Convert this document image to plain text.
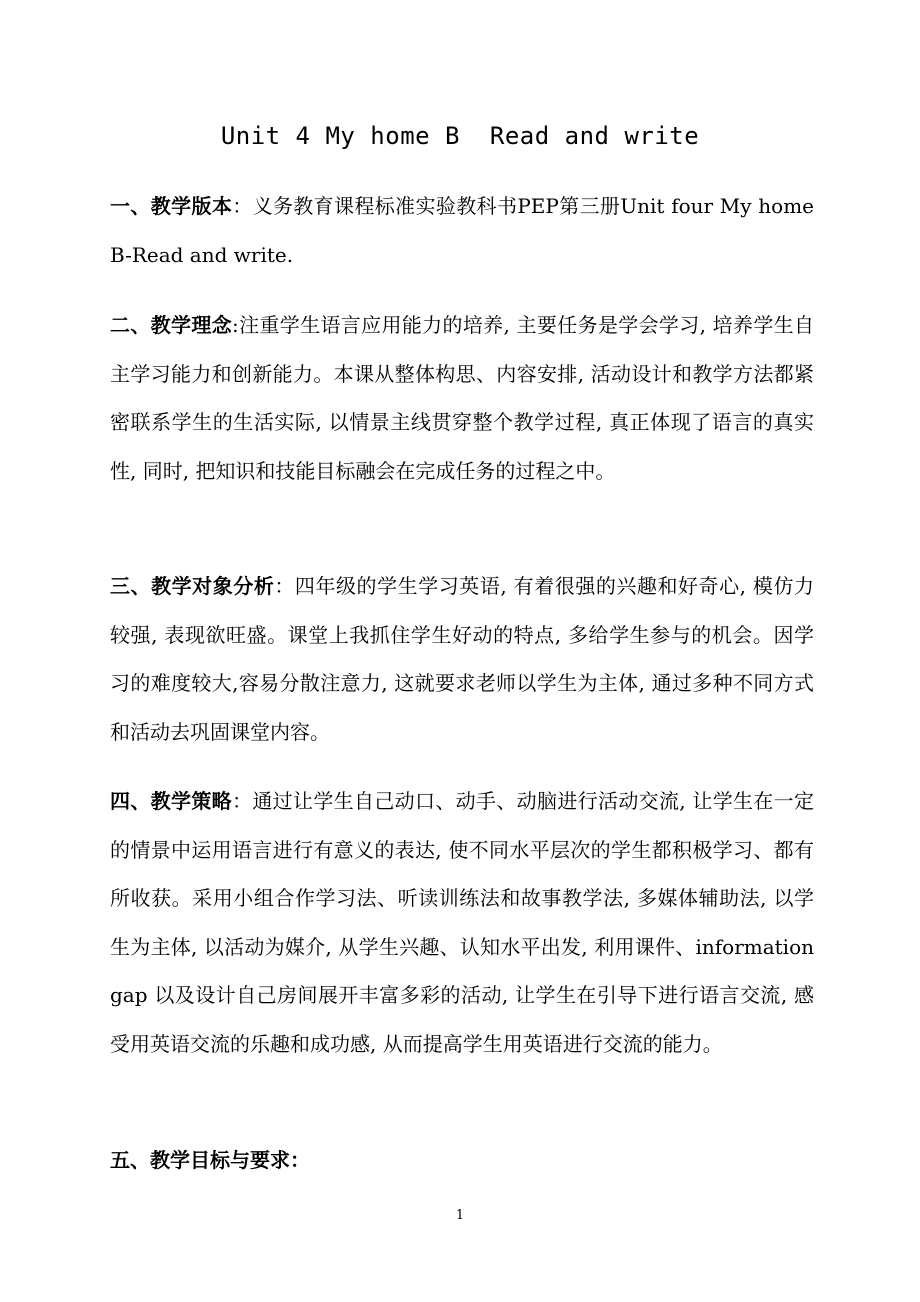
Unit 4 My home B  Read and write

一、教学版本：义务教育课程标准实验教科书PEP第三册Unit four My home B-Read and write.

二、教学理念:注重学生语言应用能力的培养, 主要任务是学会学习, 培养学生自主学习能力和创新能力。本课从整体构思、内容安排, 活动设计和教学方法都紧密联系学生的生活实际, 以情景主线贯穿整个教学过程, 真正体现了语言的真实性, 同时, 把知识和技能目标融会在完成任务的过程之中。

三、教学对象分析：四年级的学生学习英语, 有着很强的兴趣和好奇心, 模仿力较强, 表现欲旺盛。课堂上我抓住学生好动的特点, 多给学生参与的机会。因学习的难度较大,容易分散注意力, 这就要求老师以学生为主体, 通过多种不同方式和活动去巩固课堂内容。

四、教学策略：通过让学生自己动口、动手、动脑进行活动交流, 让学生在一定的情景中运用语言进行有意义的表达, 使不同水平层次的学生都积极学习、都有所收获。采用小组合作学习法、听读训练法和故事教学法, 多媒体辅助法, 以学生为主体, 以活动为媒介, 从学生兴趣、认知水平出发, 利用课件、information gap 以及设计自己房间展开丰富多彩的活动, 让学生在引导下进行语言交流, 感受用英语交流的乐趣和成功感, 从而提高学生用英语进行交流的能力。

五、教学目标与要求：

1
